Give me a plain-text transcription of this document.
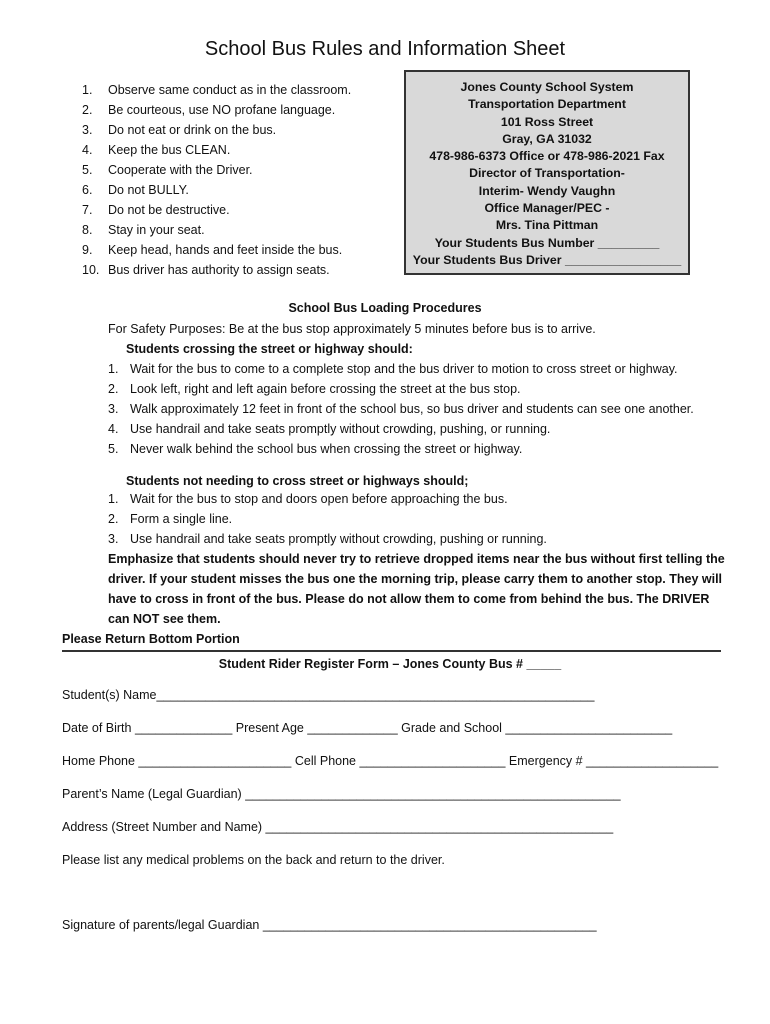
School Bus Rules and Information Sheet
1. Observe same conduct as in the classroom.
2. Be courteous, use NO profane language.
3. Do not eat or drink on the bus.
4. Keep the bus CLEAN.
5. Cooperate with the Driver.
6. Do not BULLY.
7. Do not be destructive.
8. Stay in your seat.
9. Keep head, hands and feet inside the bus.
10. Bus driver has authority to assign seats.
Jones County School System
Transportation Department
101 Ross Street
Gray, GA 31032
478-986-6373 Office or 478-986-2021 Fax
Director of Transportation-
Interim- Wendy Vaughn
Office Manager/PEC -
Mrs. Tina Pittman
Your Students Bus Number _________
Your Students Bus Driver _________________
School Bus Loading Procedures
For Safety Purposes: Be at the bus stop approximately 5 minutes before bus is to arrive.
Students crossing the street or highway should:
1. Wait for the bus to come to a complete stop and the bus driver to motion to cross street or highway.
2. Look left, right and left again before crossing the street at the bus stop.
3. Walk approximately 12 feet in front of the school bus, so bus driver and students can see one another.
4. Use handrail and take seats promptly without crowding, pushing, or running.
5. Never walk behind the school bus when crossing the street or highway.
Students not needing to cross street or highways should;
1. Wait for the bus to stop and doors open before approaching the bus.
2. Form a single line.
3. Use handrail and take seats promptly without crowding, pushing or running.
Emphasize that students should never try to retrieve dropped items near the bus without first telling the driver. If your student misses the bus one the morning trip, please carry them to another stop. They will have to cross in front of the bus. Please do not allow them to come from behind the bus. The DRIVER can NOT see them.
Please Return Bottom Portion
Student Rider Register Form – Jones County Bus # _____
Student(s) Name_______________________________________________________________
Date of Birth ______________ Present Age _____________ Grade and School ________________________
Home Phone ______________________ Cell Phone _____________________ Emergency # ___________________
Parent’s Name (Legal Guardian) ______________________________________________________
Address (Street Number and Name) __________________________________________________
Please list any medical problems on the back and return to the driver.
Signature of parents/legal Guardian ________________________________________________
